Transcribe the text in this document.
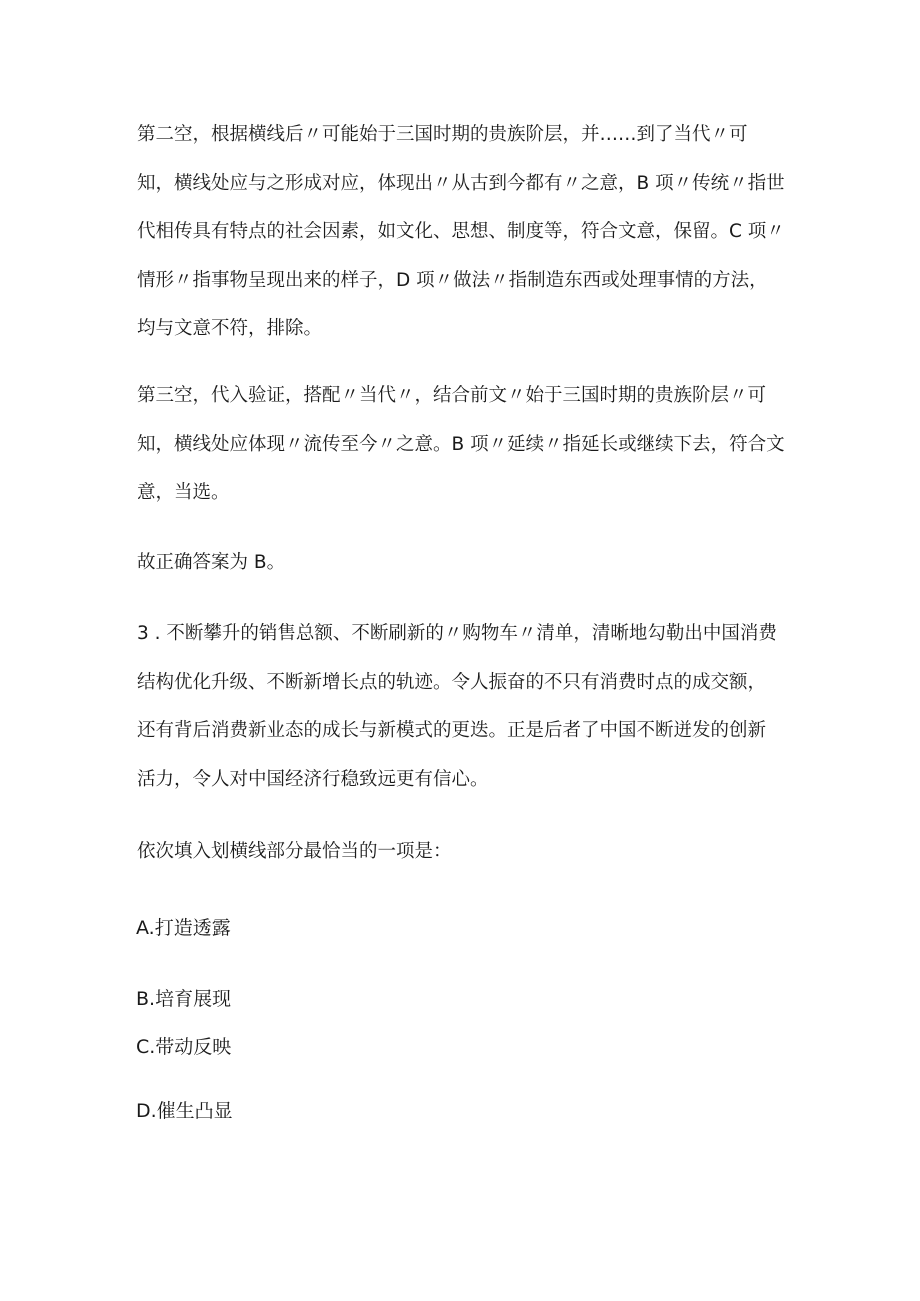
第二空，根据横线后〃可能始于三国时期的贵族阶层，并……到了当代〃可
知，横线处应与之形成对应，体现出〃从古到今都有〃之意，B 项〃传统〃指世
代相传具有特点的社会因素，如文化、思想、制度等，符合文意，保留。C 项〃
情形〃指事物呈现出来的样子，D 项〃做法〃指制造东西或处理事情的方法，
均与文意不符，排除。
第三空，代入验证，搭配〃当代〃，结合前文〃始于三国时期的贵族阶层〃可
知，横线处应体现〃流传至今〃之意。B 项〃延续〃指延长或继续下去，符合文
意，当选。
故正确答案为 B。
3 . 不断攀升的销售总额、不断刷新的〃购物车〃清单，清晰地勾勒出中国消费
结构优化升级、不断新增长点的轨迹。令人振奋的不只有消费时点的成交额，
还有背后消费新业态的成长与新模式的更迭。正是后者了中国不断迸发的创新
活力，令人对中国经济行稳致远更有信心。
依次填入划横线部分最恰当的一项是：
A.打造透露
B.培育展现
C.带动反映
D.催生凸显
